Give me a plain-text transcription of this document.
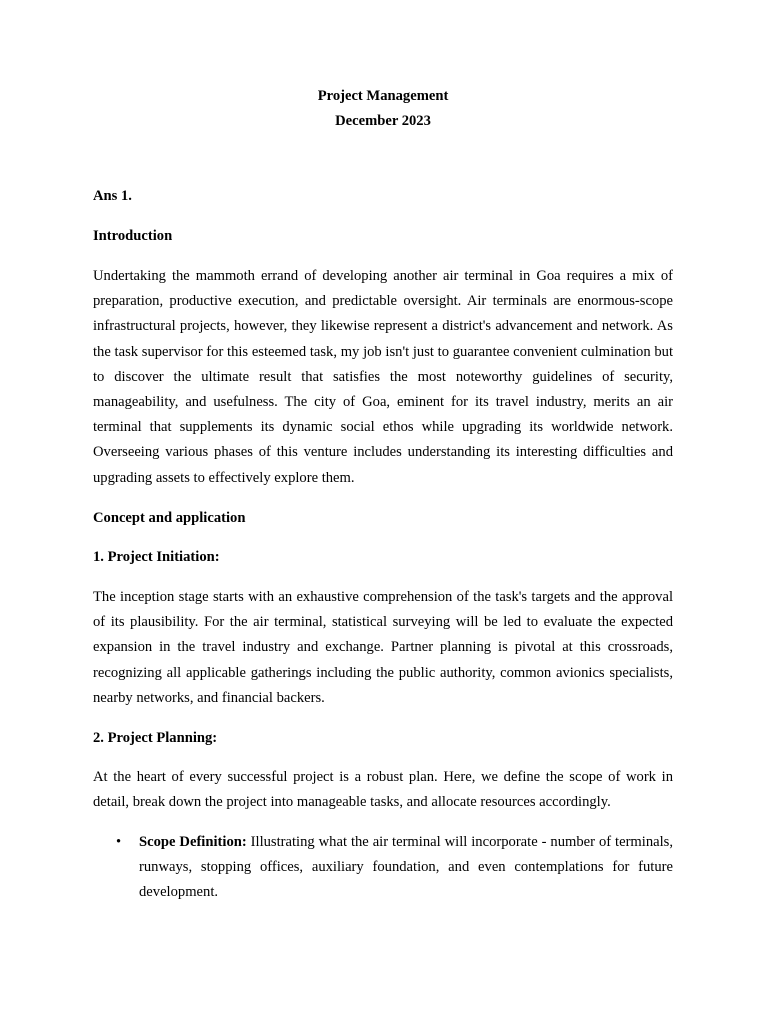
Project Management
December 2023

Ans 1.

Introduction

Undertaking the mammoth errand of developing another air terminal in Goa requires a mix of preparation, productive execution, and predictable oversight. Air terminals are enormous-scope infrastructural projects, however, they likewise represent a district's advancement and network. As the task supervisor for this esteemed task, my job isn't just to guarantee convenient culmination but to discover the ultimate result that satisfies the most noteworthy guidelines of security, manageability, and usefulness. The city of Goa, eminent for its travel industry, merits an air terminal that supplements its dynamic social ethos while upgrading its worldwide network. Overseeing various phases of this venture includes understanding its interesting difficulties and upgrading assets to effectively explore them.

Concept and application

1. Project Initiation:

The inception stage starts with an exhaustive comprehension of the task's targets and the approval of its plausibility. For the air terminal, statistical surveying will be led to evaluate the expected expansion in the travel industry and exchange. Partner planning is pivotal at this crossroads, recognizing all applicable gatherings including the public authority, common avionics specialists, nearby networks, and financial backers.

2. Project Planning:

At the heart of every successful project is a robust plan. Here, we define the scope of work in detail, break down the project into manageable tasks, and allocate resources accordingly.

• Scope Definition: Illustrating what the air terminal will incorporate - number of terminals, runways, stopping offices, auxiliary foundation, and even contemplations for future development.
